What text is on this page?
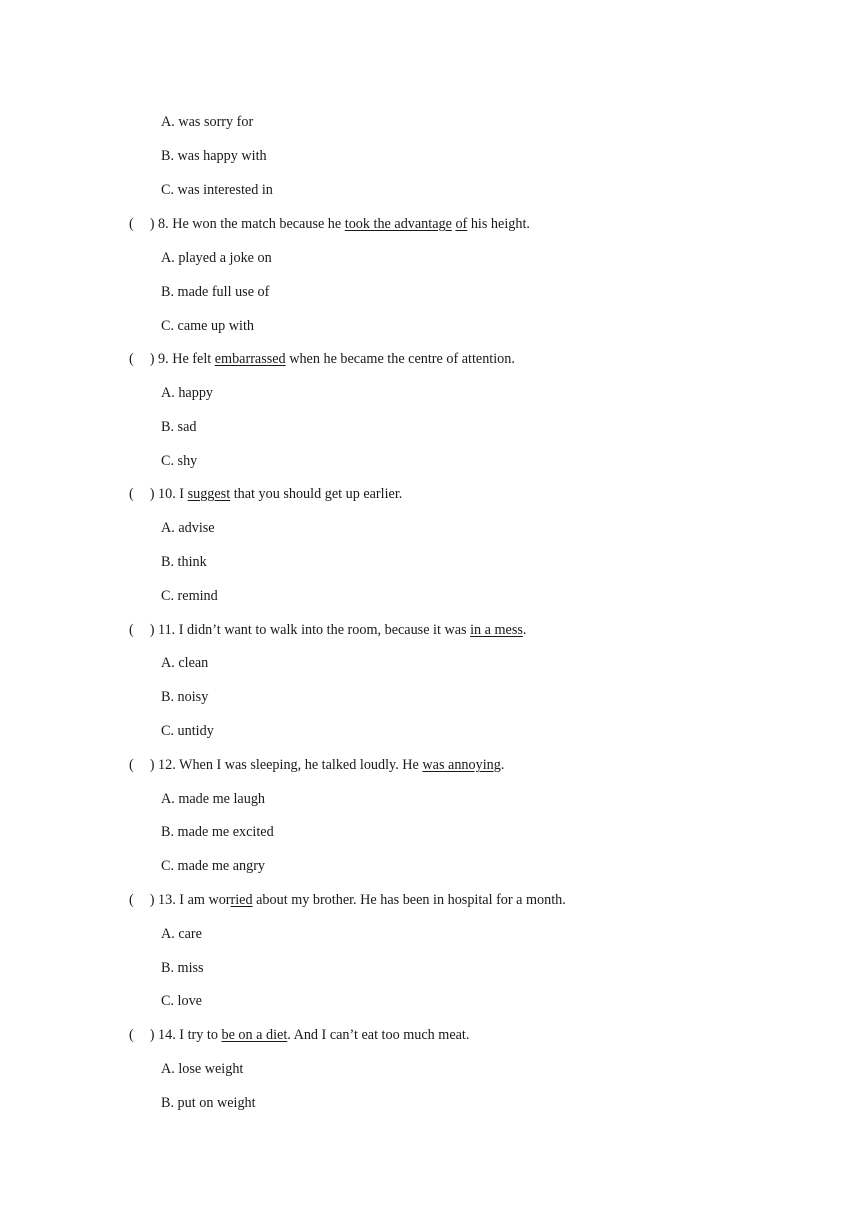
A. was sorry for
B. was happy with
C. was interested in
( ) 8. He won the match because he took the advantage of his height.
A. played a joke on
B. made full use of
C. came up with
( ) 9. He felt embarrassed when he became the centre of attention.
A. happy
B. sad
C. shy
( ) 10. I suggest that you should get up earlier.
A. advise
B. think
C. remind
( ) 11. I didn’t want to walk into the room, because it was in a mess.
A. clean
B. noisy
C. untidy
( ) 12. When I was sleeping, he talked loudly. He was annoying.
A. made me laugh
B. made me excited
C. made me angry
( ) 13. I am worried about my brother. He has been in hospital for a month.
A. care
B. miss
C. love
( ) 14. I try to be on a diet. And I can’t eat too much meat.
A. lose weight
B. put on weight
